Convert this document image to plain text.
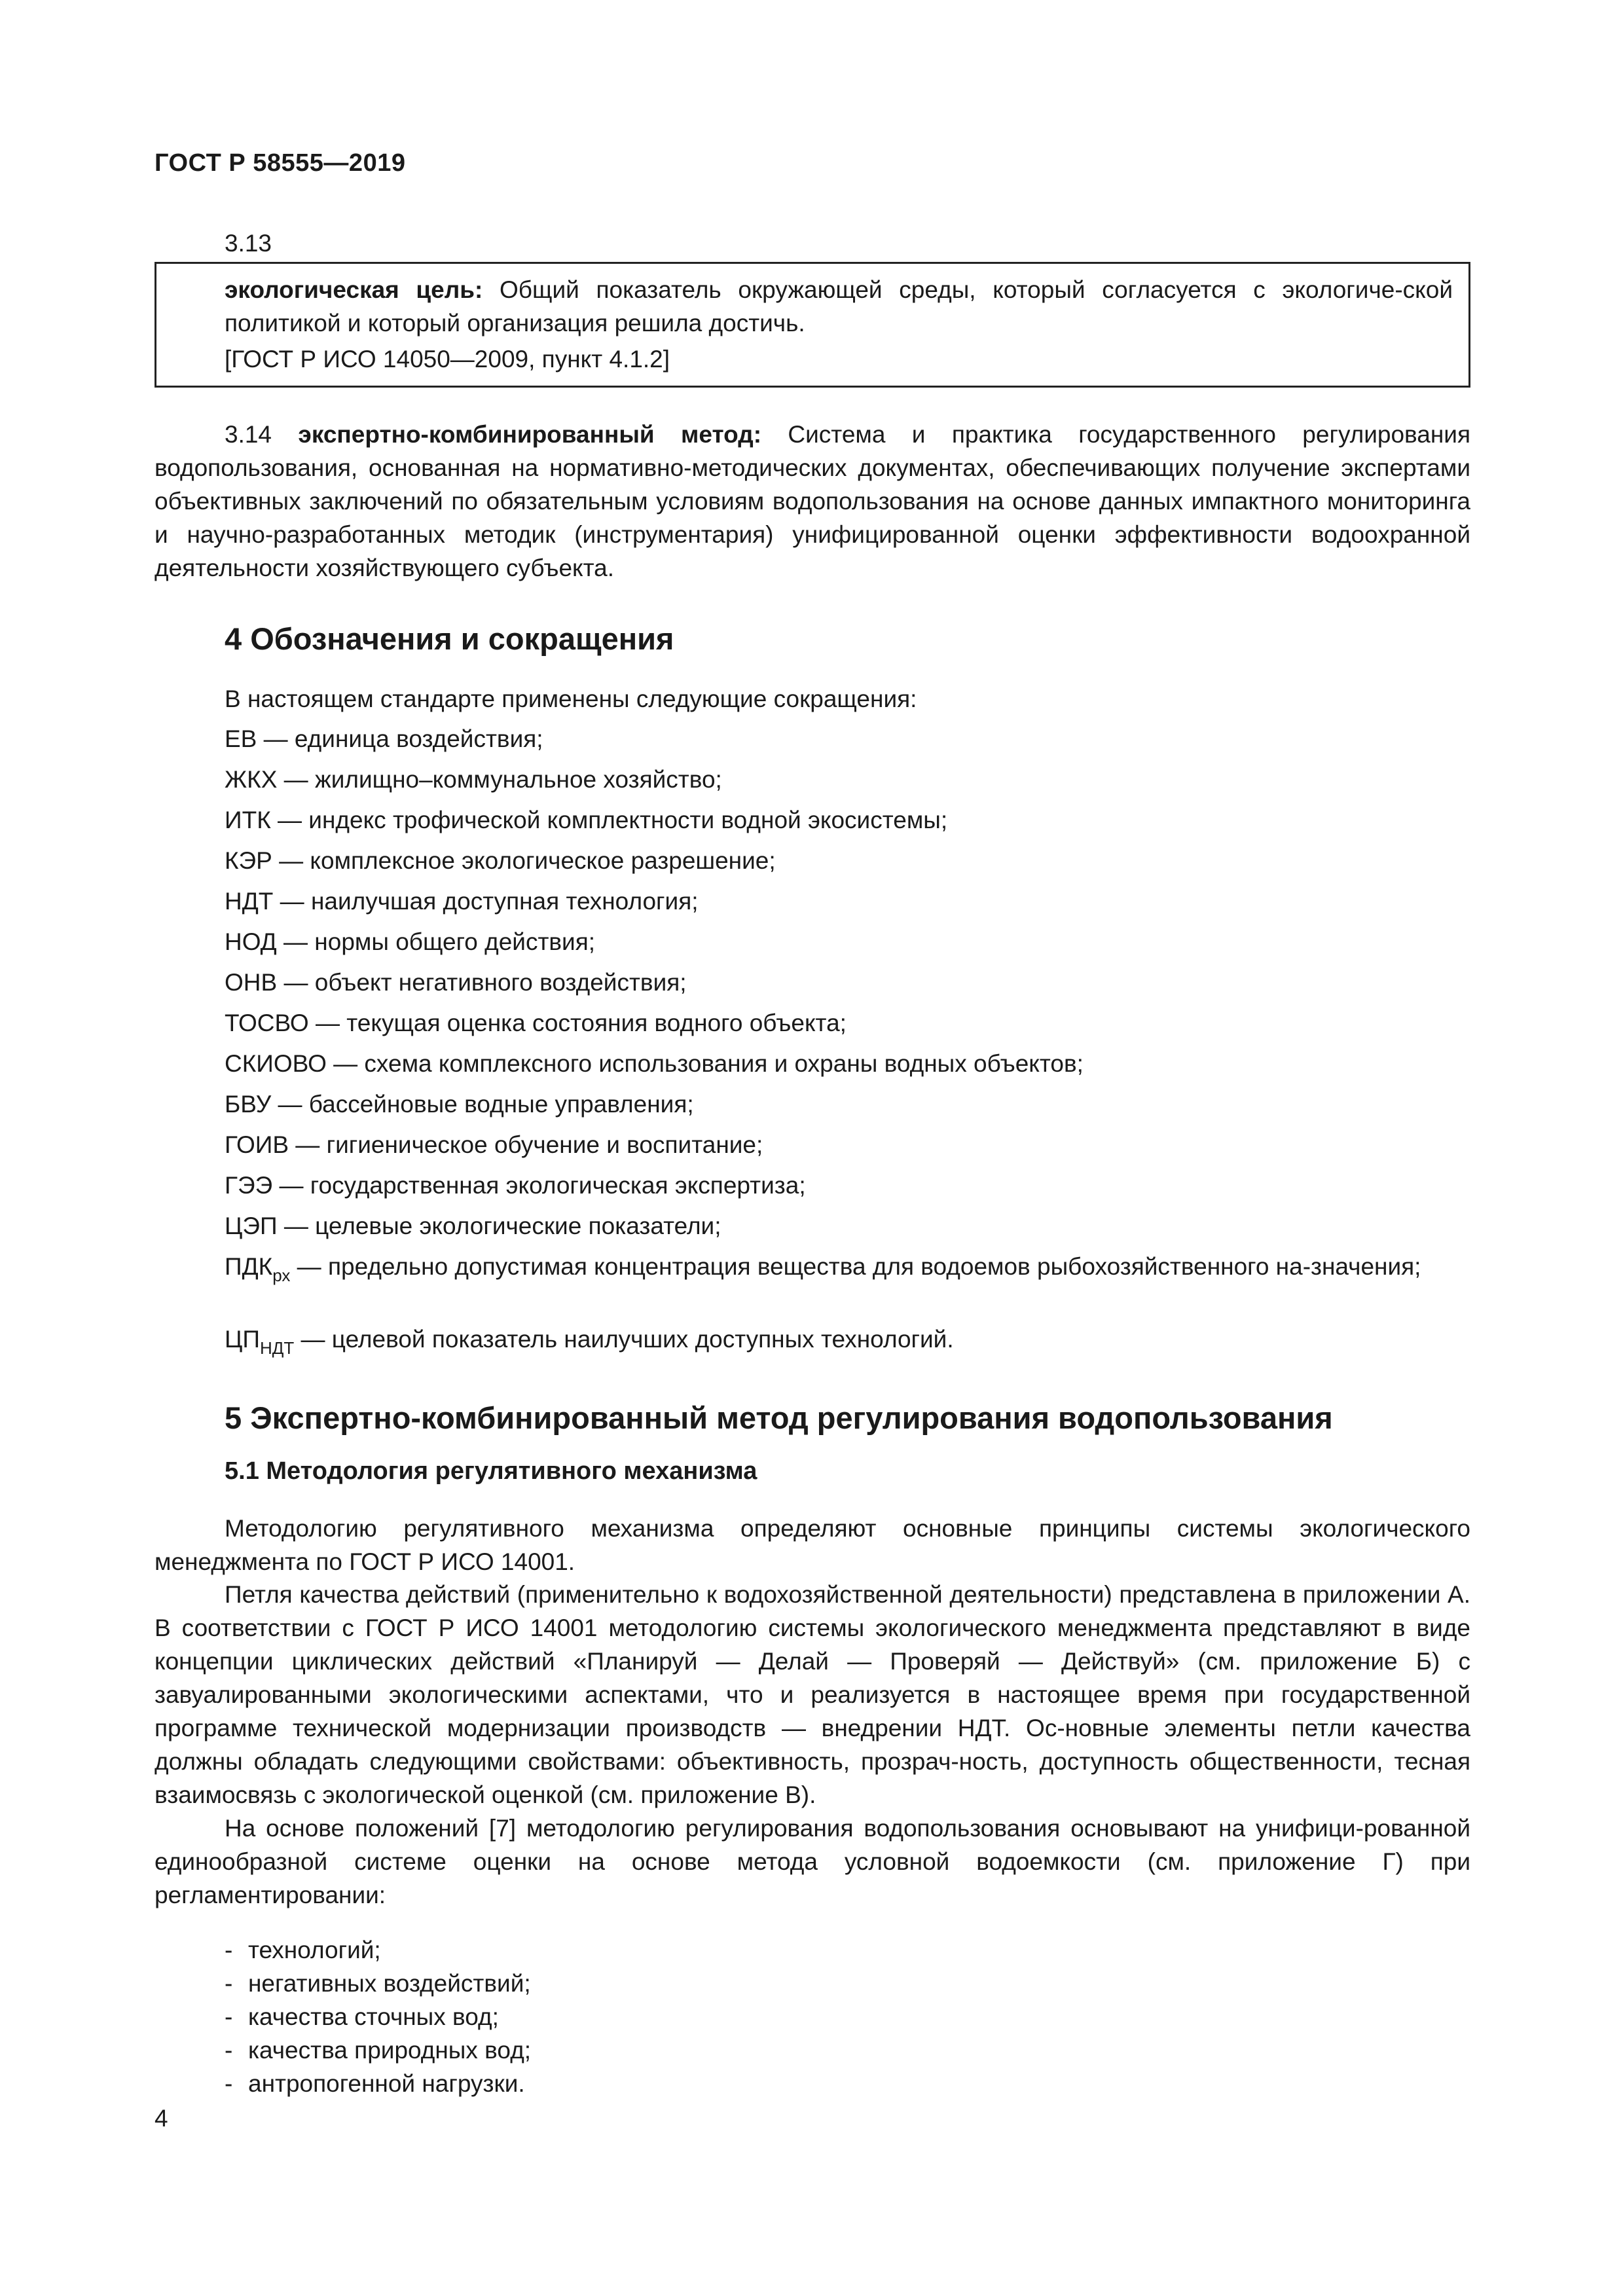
ГОСТ Р 58555—2019
3.13
экологическая цель: Общий показатель окружающей среды, который согласуется с экологиче-ской политикой и который организация решила достичь.
[ГОСТ Р ИСО 14050—2009, пункт 4.1.2]
3.14 экспертно-комбинированный метод: Система и практика государственного регулирования водопользования, основанная на нормативно-методических документах, обеспечивающих получение экспертами объективных заключений по обязательным условиям водопользования на основе данных импактного мониторинга и научно-разработанных методик (инструментария) унифицированной оценки эффективности водоохранной деятельности хозяйствующего субъекта.
4 Обозначения и сокращения
В настоящем стандарте применены следующие сокращения:
ЕВ — единица воздействия;
ЖКХ — жилищно–коммунальное хозяйство;
ИТК — индекс трофической комплектности водной экосистемы;
КЭР — комплексное экологическое разрешение;
НДТ — наилучшая доступная технология;
НОД — нормы общего действия;
ОНВ — объект негативного воздействия;
ТОСВО — текущая оценка состояния водного объекта;
СКИОВО — схема комплексного использования и охраны водных объектов;
БВУ — бассейновые водные управления;
ГОИВ — гигиеническое обучение и воспитание;
ГЭЭ — государственная экологическая экспертиза;
ЦЭП — целевые экологические показатели;
$ПДК_{рх}$ — предельно допустимая концентрация вещества для водоемов рыбохозяйственного на-значения;
$ЦП_{НДТ}$ — целевой показатель наилучших доступных технологий.
5 Экспертно-комбинированный метод регулирования водопользования
5.1 Методология регулятивного механизма
Методологию регулятивного механизма определяют основные принципы системы экологического менеджмента по ГОСТ Р ИСО 14001.
Петля качества действий (применительно к водохозяйственной деятельности) представлена в приложении А. В соответствии с ГОСТ Р ИСО 14001 методологию системы экологического менеджмента представляют в виде концепции циклических действий «Планируй — Делай — Проверяй — Действуй» (см. приложение Б) с завуалированными экологическими аспектами, что и реализуется в настоящее время при государственной программе технической модернизации производств — внедрении НДТ. Ос-новные элементы петли качества должны обладать следующими свойствами: объективность, прозрач-ность, доступность общественности, тесная взаимосвязь с экологической оценкой (см. приложение В).
На основе положений [7] методологию регулирования водопользования основывают на унифици-рованной единообразной системе оценки на основе метода условной водоемкости (см. приложение Г) при регламентировании:
- технологий;
- негативных воздействий;
- качества сточных вод;
- качества природных вод;
- антропогенной нагрузки.
4
